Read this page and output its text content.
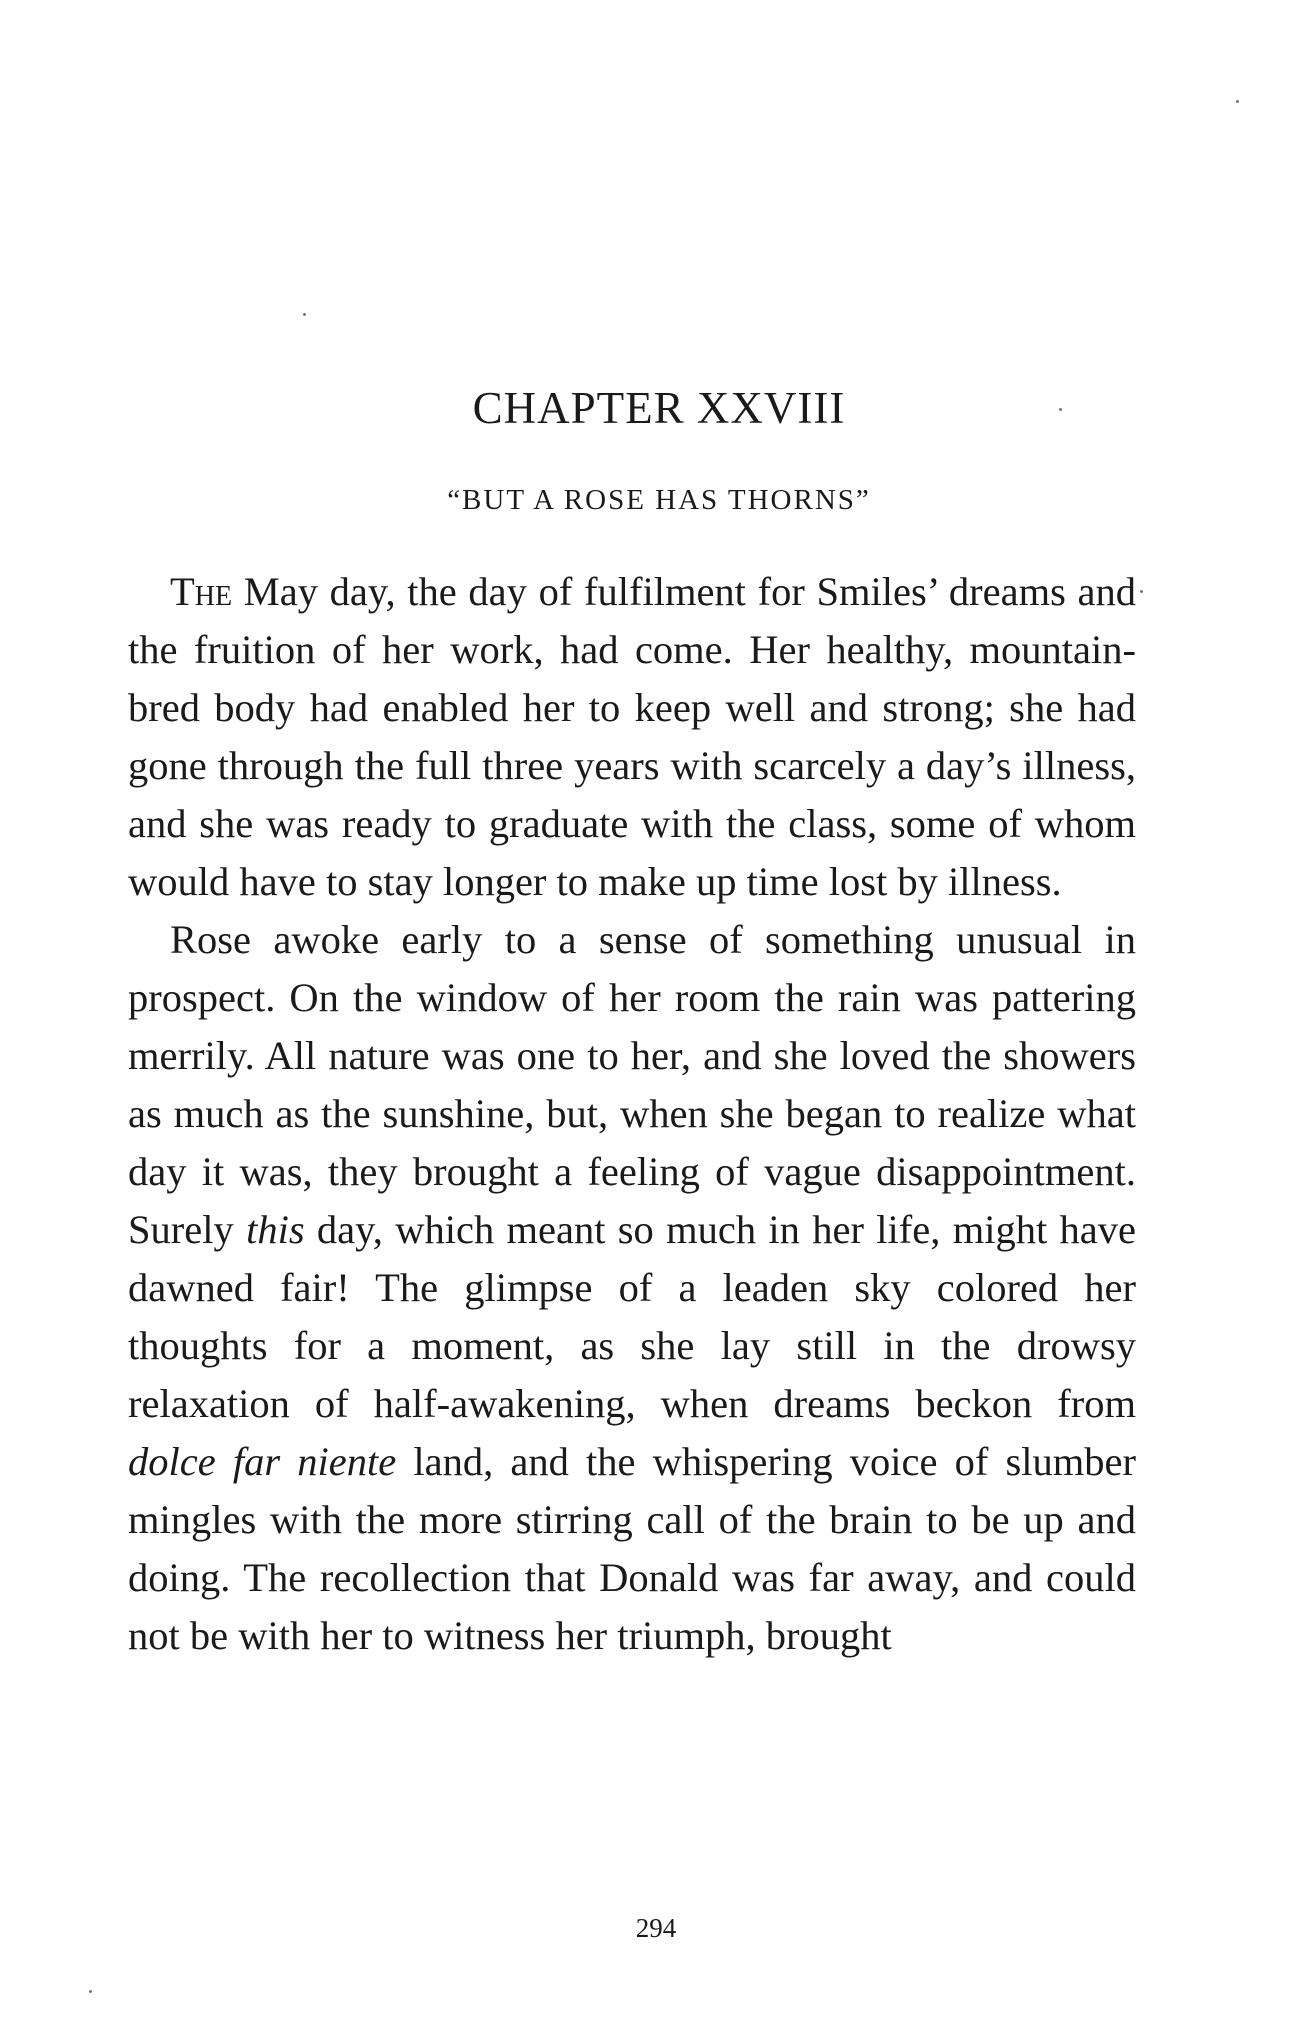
CHAPTER XXVIII
“BUT A ROSE HAS THORNS”

The May day, the day of fulfilment for Smiles’ dreams and the fruition of her work, had come. Her healthy, mountain-bred body had enabled her to keep well and strong; she had gone through the full three years with scarcely a day’s illness, and she was ready to graduate with the class, some of whom would have to stay longer to make up time lost by illness.

Rose awoke early to a sense of something unusual in prospect. On the window of her room the rain was pattering merrily. All nature was one to her, and she loved the showers as much as the sunshine, but, when she began to realize what day it was, they brought a feeling of vague disappointment. Surely this day, which meant so much in her life, might have dawned fair! The glimpse of a leaden sky colored her thoughts for a moment, as she lay still in the drowsy relaxation of half-awakening, when dreams beckon from dolce far niente land, and the whispering voice of slumber mingles with the more stirring call of the brain to be up and doing. The recollection that Donald was far away, and could not be with her to witness her triumph, brought

294
